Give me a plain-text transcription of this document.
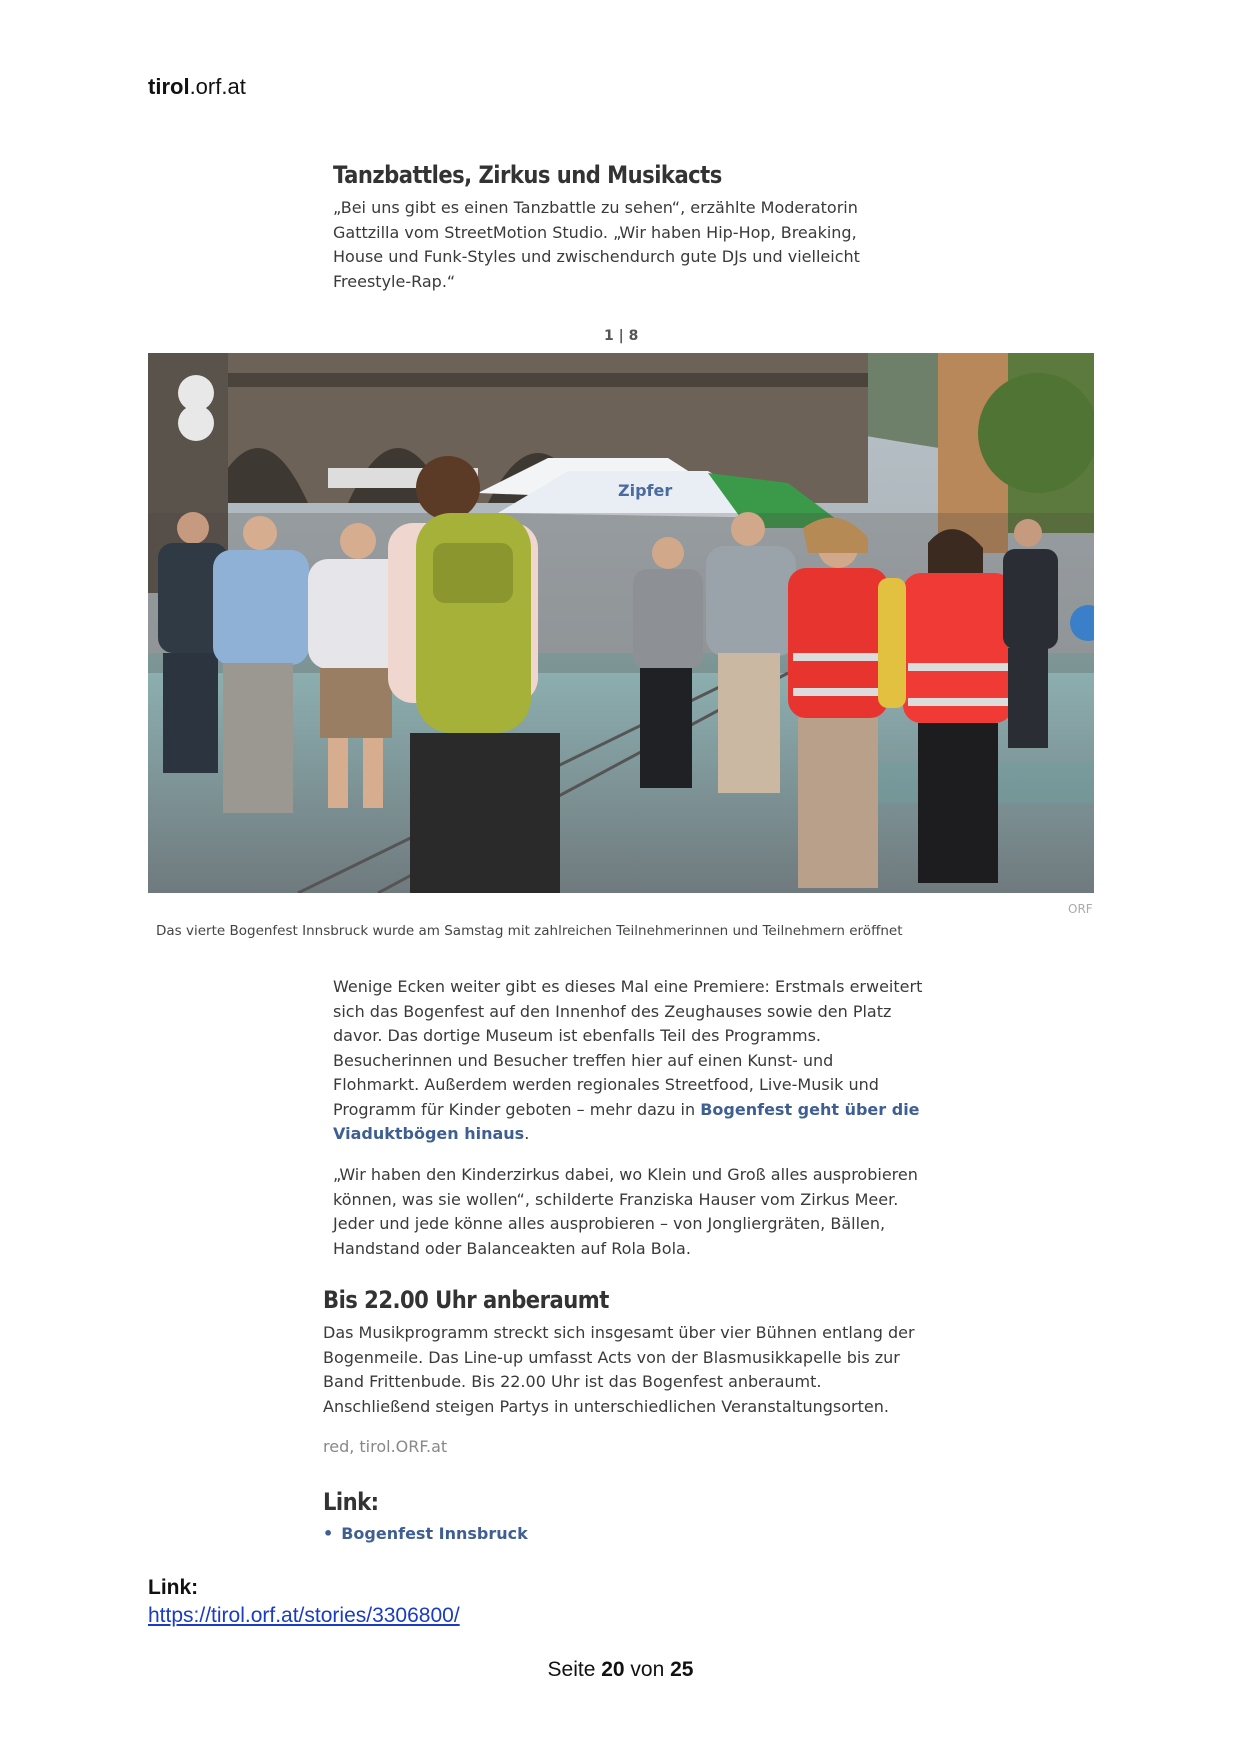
tirol.orf.at
Tanzbattles, Zirkus und Musikacts
„Bei uns gibt es einen Tanzbattle zu sehen“, erzählte Moderatorin Gattzilla vom StreetMotion Studio. „Wir haben Hip-Hop, Breaking, House und Funk-Styles und zwischendurch gute DJs und vielleicht Freestyle-Rap.“
1 | 8
Zipfer
ORF
Das vierte Bogenfest Innsbruck wurde am Samstag mit zahlreichen Teilnehmerinnen und Teilnehmern eröffnet
Wenige Ecken weiter gibt es dieses Mal eine Premiere: Erstmals erweitert sich das Bogenfest auf den Innenhof des Zeughauses sowie den Platz davor. Das dortige Museum ist ebenfalls Teil des Programms. Besucherinnen und Besucher treffen hier auf einen Kunst- und Flohmarkt. Außerdem werden regionales Streetfood, Live-Musik und Programm für Kinder geboten – mehr dazu in Bogenfest geht über die Viaduktbögen hinaus.
„Wir haben den Kinderzirkus dabei, wo Klein und Groß alles ausprobieren können, was sie wollen“, schilderte Franziska Hauser vom Zirkus Meer. Jeder und jede könne alles ausprobieren – von Jongliergräten, Bällen, Handstand oder Balanceakten auf Rola Bola.
Bis 22.00 Uhr anberaumt
Das Musikprogramm streckt sich insgesamt über vier Bühnen entlang der Bogenmeile. Das Line-up umfasst Acts von der Blasmusikkapelle bis zur Band Frittenbude. Bis 22.00 Uhr ist das Bogenfest anberaumt. Anschließend steigen Partys in unterschiedlichen Veranstaltungsorten.
red, tirol.ORF.at
Link:
• Bogenfest Innsbruck
Link:
https://tirol.orf.at/stories/3306800/
Seite 20 von 25
